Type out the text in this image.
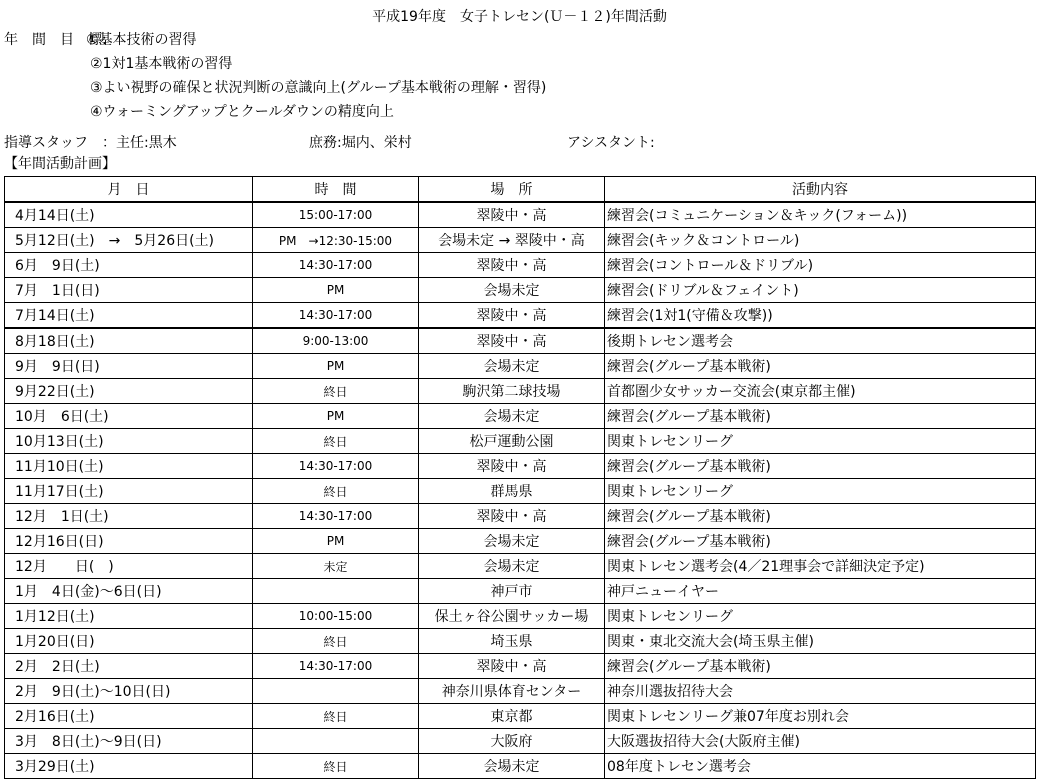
平成19年度　女子トレセン(Ｕ－１２)年間活動
年　間　目　標:
①基本技術の習得
②1対1基本戦術の習得
③よい視野の確保と状況判断の意識向上(グループ基本戦術の理解・習得)
④ウォーミングアップとクールダウンの精度向上
指導スタッフ　：主任:黒木	庶務:堀内、栄村	アシスタント:
【年間活動計画】
月　日	時　間	場　所	活動内容
4月14日(土)	15:00-17:00	翠陵中・高	練習会(コミュニケーション＆キック(フォーム))
5月12日(土)　→　5月26日(土)	PM　→12:30-15:00	会場未定 → 翠陵中・高	練習会(キック＆コントロール)
6月　9日(土)	14:30-17:00	翠陵中・高	練習会(コントロール＆ドリブル)
7月　1日(日)	PM	会場未定	練習会(ドリブル＆フェイント)
7月14日(土)	14:30-17:00	翠陵中・高	練習会(1対1(守備＆攻撃))
8月18日(土)	9:00-13:00	翠陵中・高	後期トレセン選考会
9月　9日(日)	PM	会場未定	練習会(グループ基本戦術)
9月22日(土)	終日	駒沢第二球技場	首都圏少女サッカー交流会(東京都主催)
10月　6日(土)	PM	会場未定	練習会(グループ基本戦術)
10月13日(土)	終日	松戸運動公園	関東トレセンリーグ
11月10日(土)	14:30-17:00	翠陵中・高	練習会(グループ基本戦術)
11月17日(土)	終日	群馬県	関東トレセンリーグ
12月　1日(土)	14:30-17:00	翠陵中・高	練習会(グループ基本戦術)
12月16日(日)	PM	会場未定	練習会(グループ基本戦術)
12月　　日(　)	未定	会場未定	関東トレセン選考会(4／21理事会で詳細決定予定)
1月　4日(金)～6日(日)		神戸市	神戸ニューイヤー
1月12日(土)	10:00-15:00	保土ヶ谷公園サッカー場	関東トレセンリーグ
1月20日(日)	終日	埼玉県	関東・東北交流大会(埼玉県主催)
2月　2日(土)	14:30-17:00	翠陵中・高	練習会(グループ基本戦術)
2月　9日(土)～10日(日)		神奈川県体育センター	神奈川選抜招待大会
2月16日(土)	終日	東京都	関東トレセンリーグ兼07年度お別れ会
3月　8日(土)～9日(日)		大阪府	大阪選抜招待大会(大阪府主催)
3月29日(土)	終日	会場未定	08年度トレセン選考会
